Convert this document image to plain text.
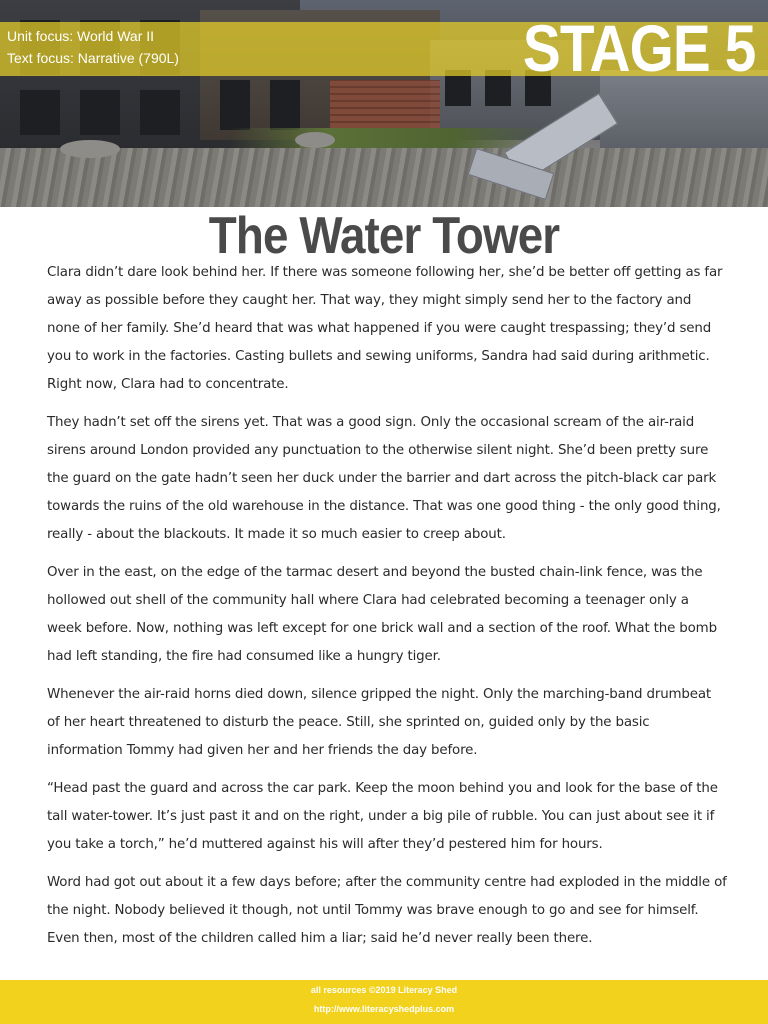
Unit focus: World War II
Text focus: Narrative (790L)	STAGE 5
The Water Tower

Clara didn’t dare look behind her. If there was someone following her, she’d be better off getting as far away as possible before they caught her. That way, they might simply send her to the factory and none of her family. She’d heard that was what happened if you were caught trespassing; they’d send you to work in the factories. Casting bullets and sewing uniforms, Sandra had said during arithmetic. Right now, Clara had to concentrate.

They hadn’t set off the sirens yet. That was a good sign. Only the occasional scream of the air-raid sirens around London provided any punctuation to the otherwise silent night. She’d been pretty sure the guard on the gate hadn’t seen her duck under the barrier and dart across the pitch-black car park towards the ruins of the old warehouse in the distance. That was one good thing - the only good thing, really - about the blackouts. It made it so much easier to creep about.

Over in the east, on the edge of the tarmac desert and beyond the busted chain-link fence, was the hollowed out shell of the community hall where Clara had celebrated becoming a teenager only a week before. Now, nothing was left except for one brick wall and a section of the roof. What the bomb had left standing, the fire had consumed like a hungry tiger.

Whenever the air-raid horns died down, silence gripped the night. Only the marching-band drumbeat of her heart threatened to disturb the peace. Still, she sprinted on, guided only by the basic information Tommy had given her and her friends the day before.

“Head past the guard and across the car park. Keep the moon behind you and look for the base of the tall water-tower. It’s just past it and on the right, under a big pile of rubble. You can just about see it if you take a torch,” he’d muttered against his will after they’d pestered him for hours.

Word had got out about it a few days before; after the community centre had exploded in the middle of the night. Nobody believed it though, not until Tommy was brave enough to go and see for himself. Even then, most of the children called him a liar; said he’d never really been there.

all resources ©2019 Literacy Shed
http://www.literacyshedplus.com
